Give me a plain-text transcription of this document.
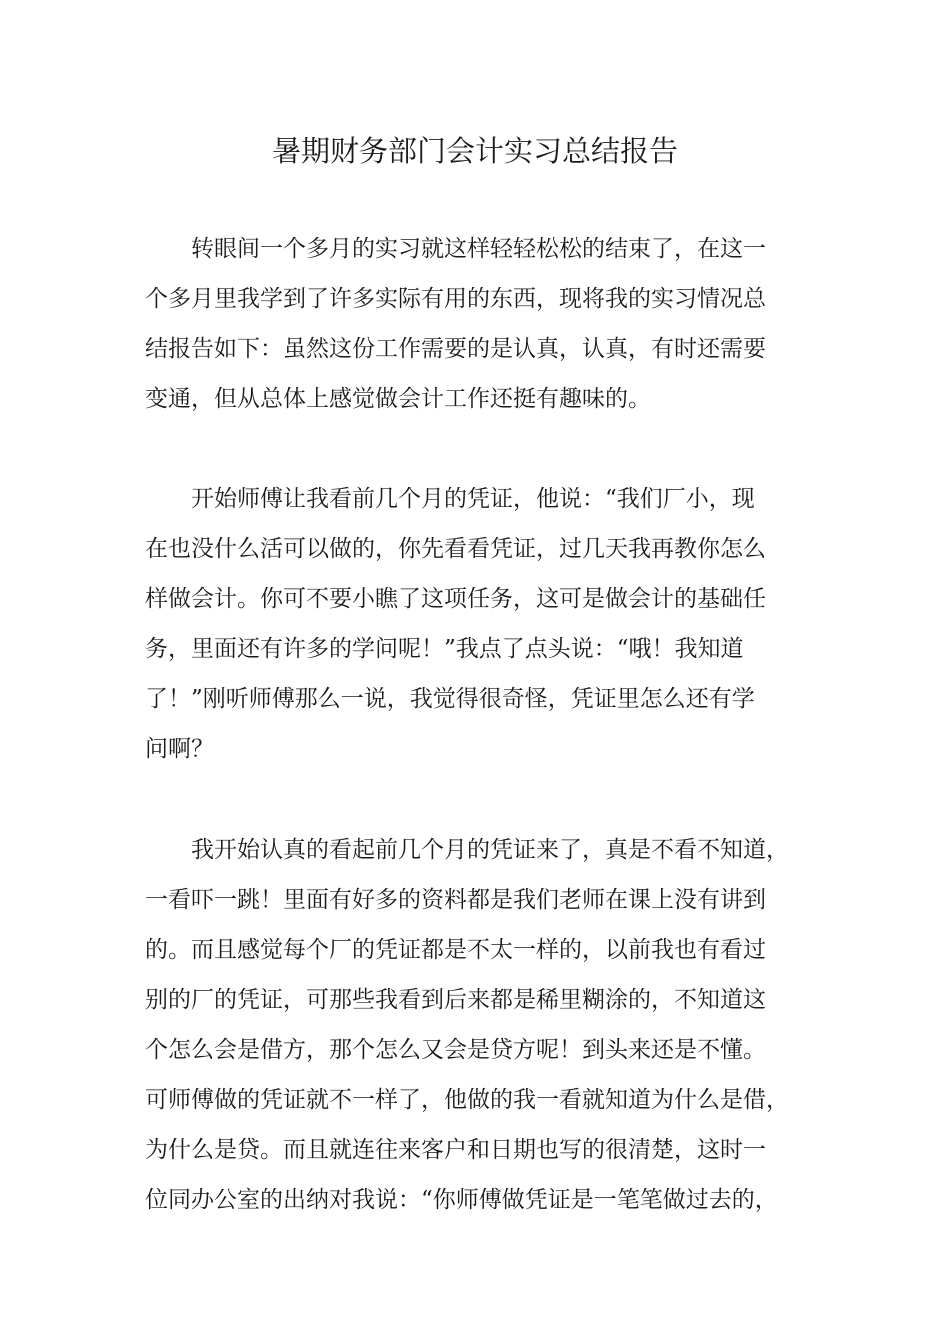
暑期财务部门会计实习总结报告
　　转眼间一个多月的实习就这样轻轻松松的结束了，在这一
个多月里我学到了许多实际有用的东西，现将我的实习情况总
结报告如下：虽然这份工作需要的是认真，认真，有时还需要
变通，但从总体上感觉做会计工作还挺有趣味的。
　　开始师傅让我看前几个月的凭证，他说：“我们厂小，现
在也没什么活可以做的，你先看看凭证，过几天我再教你怎么
样做会计。你可不要小瞧了这项任务，这可是做会计的基础任
务，里面还有许多的学问呢！”我点了点头说：“哦！我知道
了！”刚听师傅那么一说，我觉得很奇怪，凭证里怎么还有学
问啊？
　　我开始认真的看起前几个月的凭证来了，真是不看不知道，
一看吓一跳！里面有好多的资料都是我们老师在课上没有讲到
的。而且感觉每个厂的凭证都是不太一样的，以前我也有看过
别的厂的凭证，可那些我看到后来都是稀里糊涂的，不知道这
个怎么会是借方，那个怎么又会是贷方呢！到头来还是不懂。
可师傅做的凭证就不一样了，他做的我一看就知道为什么是借，
为什么是贷。而且就连往来客户和日期也写的很清楚，这时一
位同办公室的出纳对我说：“你师傅做凭证是一笔笔做过去的，
